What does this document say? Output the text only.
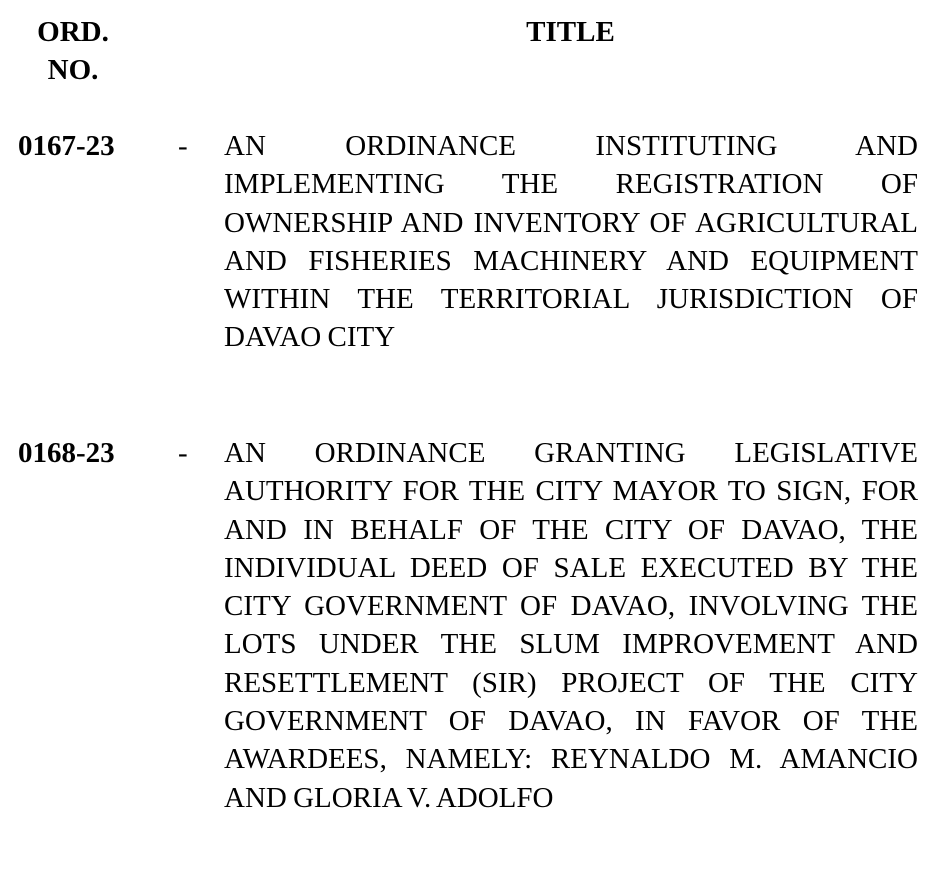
ORD. NO.
TITLE
0167-23 - AN ORDINANCE INSTITUTING AND IMPLEMENTING THE REGISTRATION OF OWNERSHIP AND INVENTORY OF AGRICULTURAL AND FISHERIES MACHINERY AND EQUIPMENT WITHIN THE TERRITORIAL JURISDICTION OF DAVAO CITY
0168-23 - AN ORDINANCE GRANTING LEGISLATIVE AUTHORITY FOR THE CITY MAYOR TO SIGN, FOR AND IN BEHALF OF THE CITY OF DAVAO, THE INDIVIDUAL DEED OF SALE EXECUTED BY THE CITY GOVERNMENT OF DAVAO, INVOLVING THE LOTS UNDER THE SLUM IMPROVEMENT AND RESETTLEMENT (SIR) PROJECT OF THE CITY GOVERNMENT OF DAVAO, IN FAVOR OF THE AWARDEES, NAMELY: REYNALDO M. AMANCIO AND GLORIA V. ADOLFO
